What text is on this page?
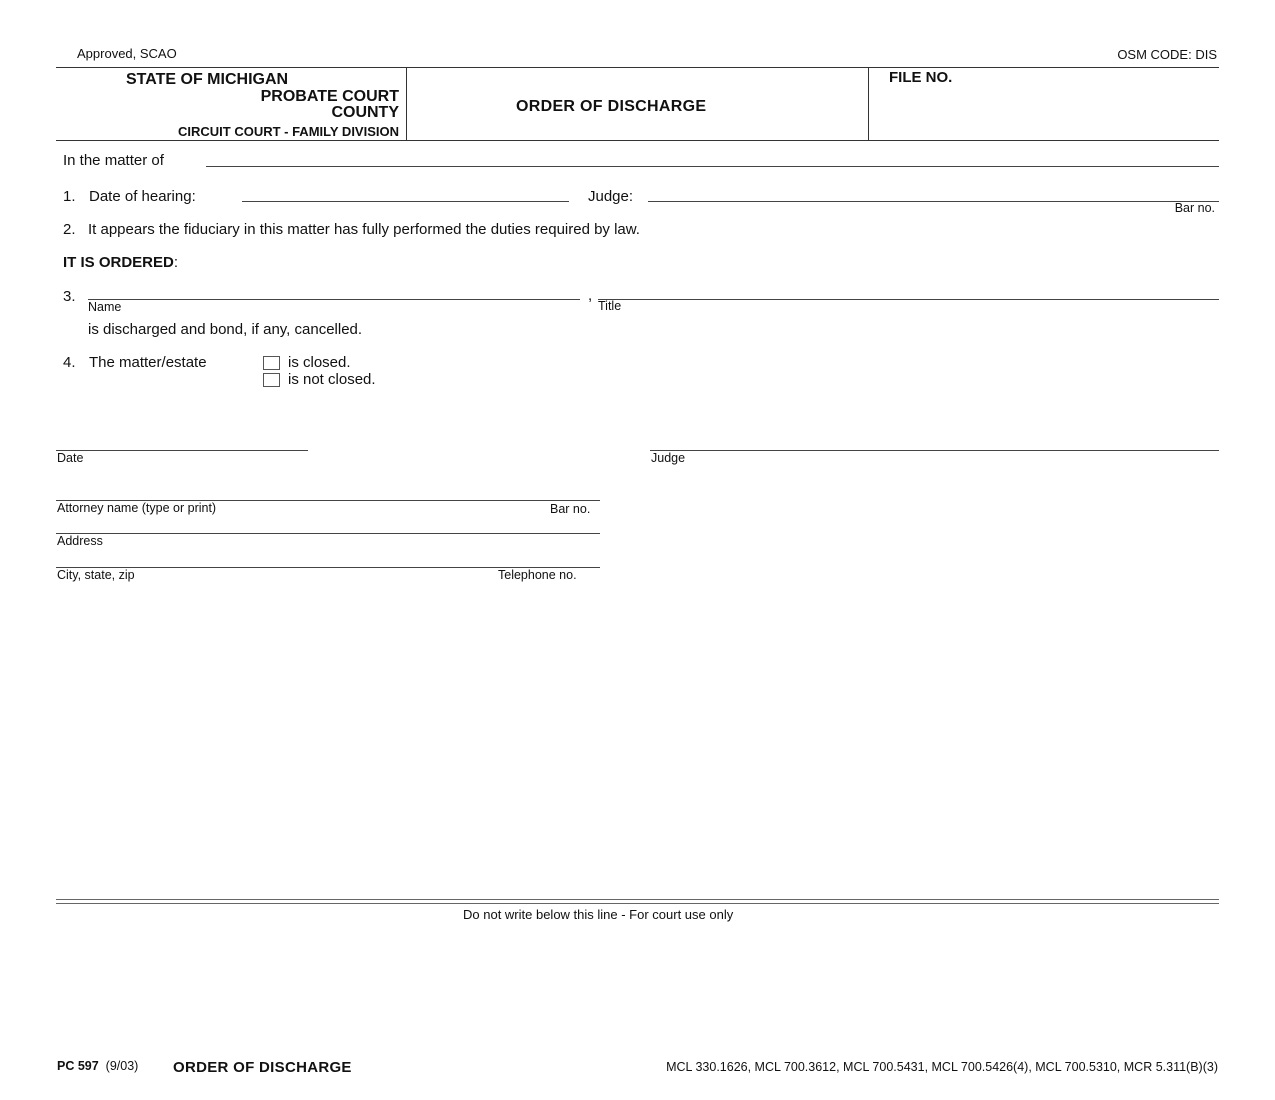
Approved, SCAO	OSM CODE: DIS
STATE OF MICHIGAN
PROBATE COURT
COUNTY
CIRCUIT COURT - FAMILY DIVISION
ORDER OF DISCHARGE
FILE NO.
In the matter of
1. Date of hearing:	Judge:
Bar no.
2. It appears the fiduciary in this matter has fully performed the duties required by law.
IT IS ORDERED:
3.
Name
,
Title
is discharged and bond, if any, cancelled.
4. The matter/estate	is closed.
is not closed.
Date	Judge
Attorney name (type or print)	Bar no.
Address
City, state, zip	Telephone no.
Do not write below this line - For court use only
PC 597 (9/03) ORDER OF DISCHARGE	MCL 330.1626, MCL 700.3612, MCL 700.5431, MCL 700.5426(4), MCL 700.5310, MCR 5.311(B)(3)
